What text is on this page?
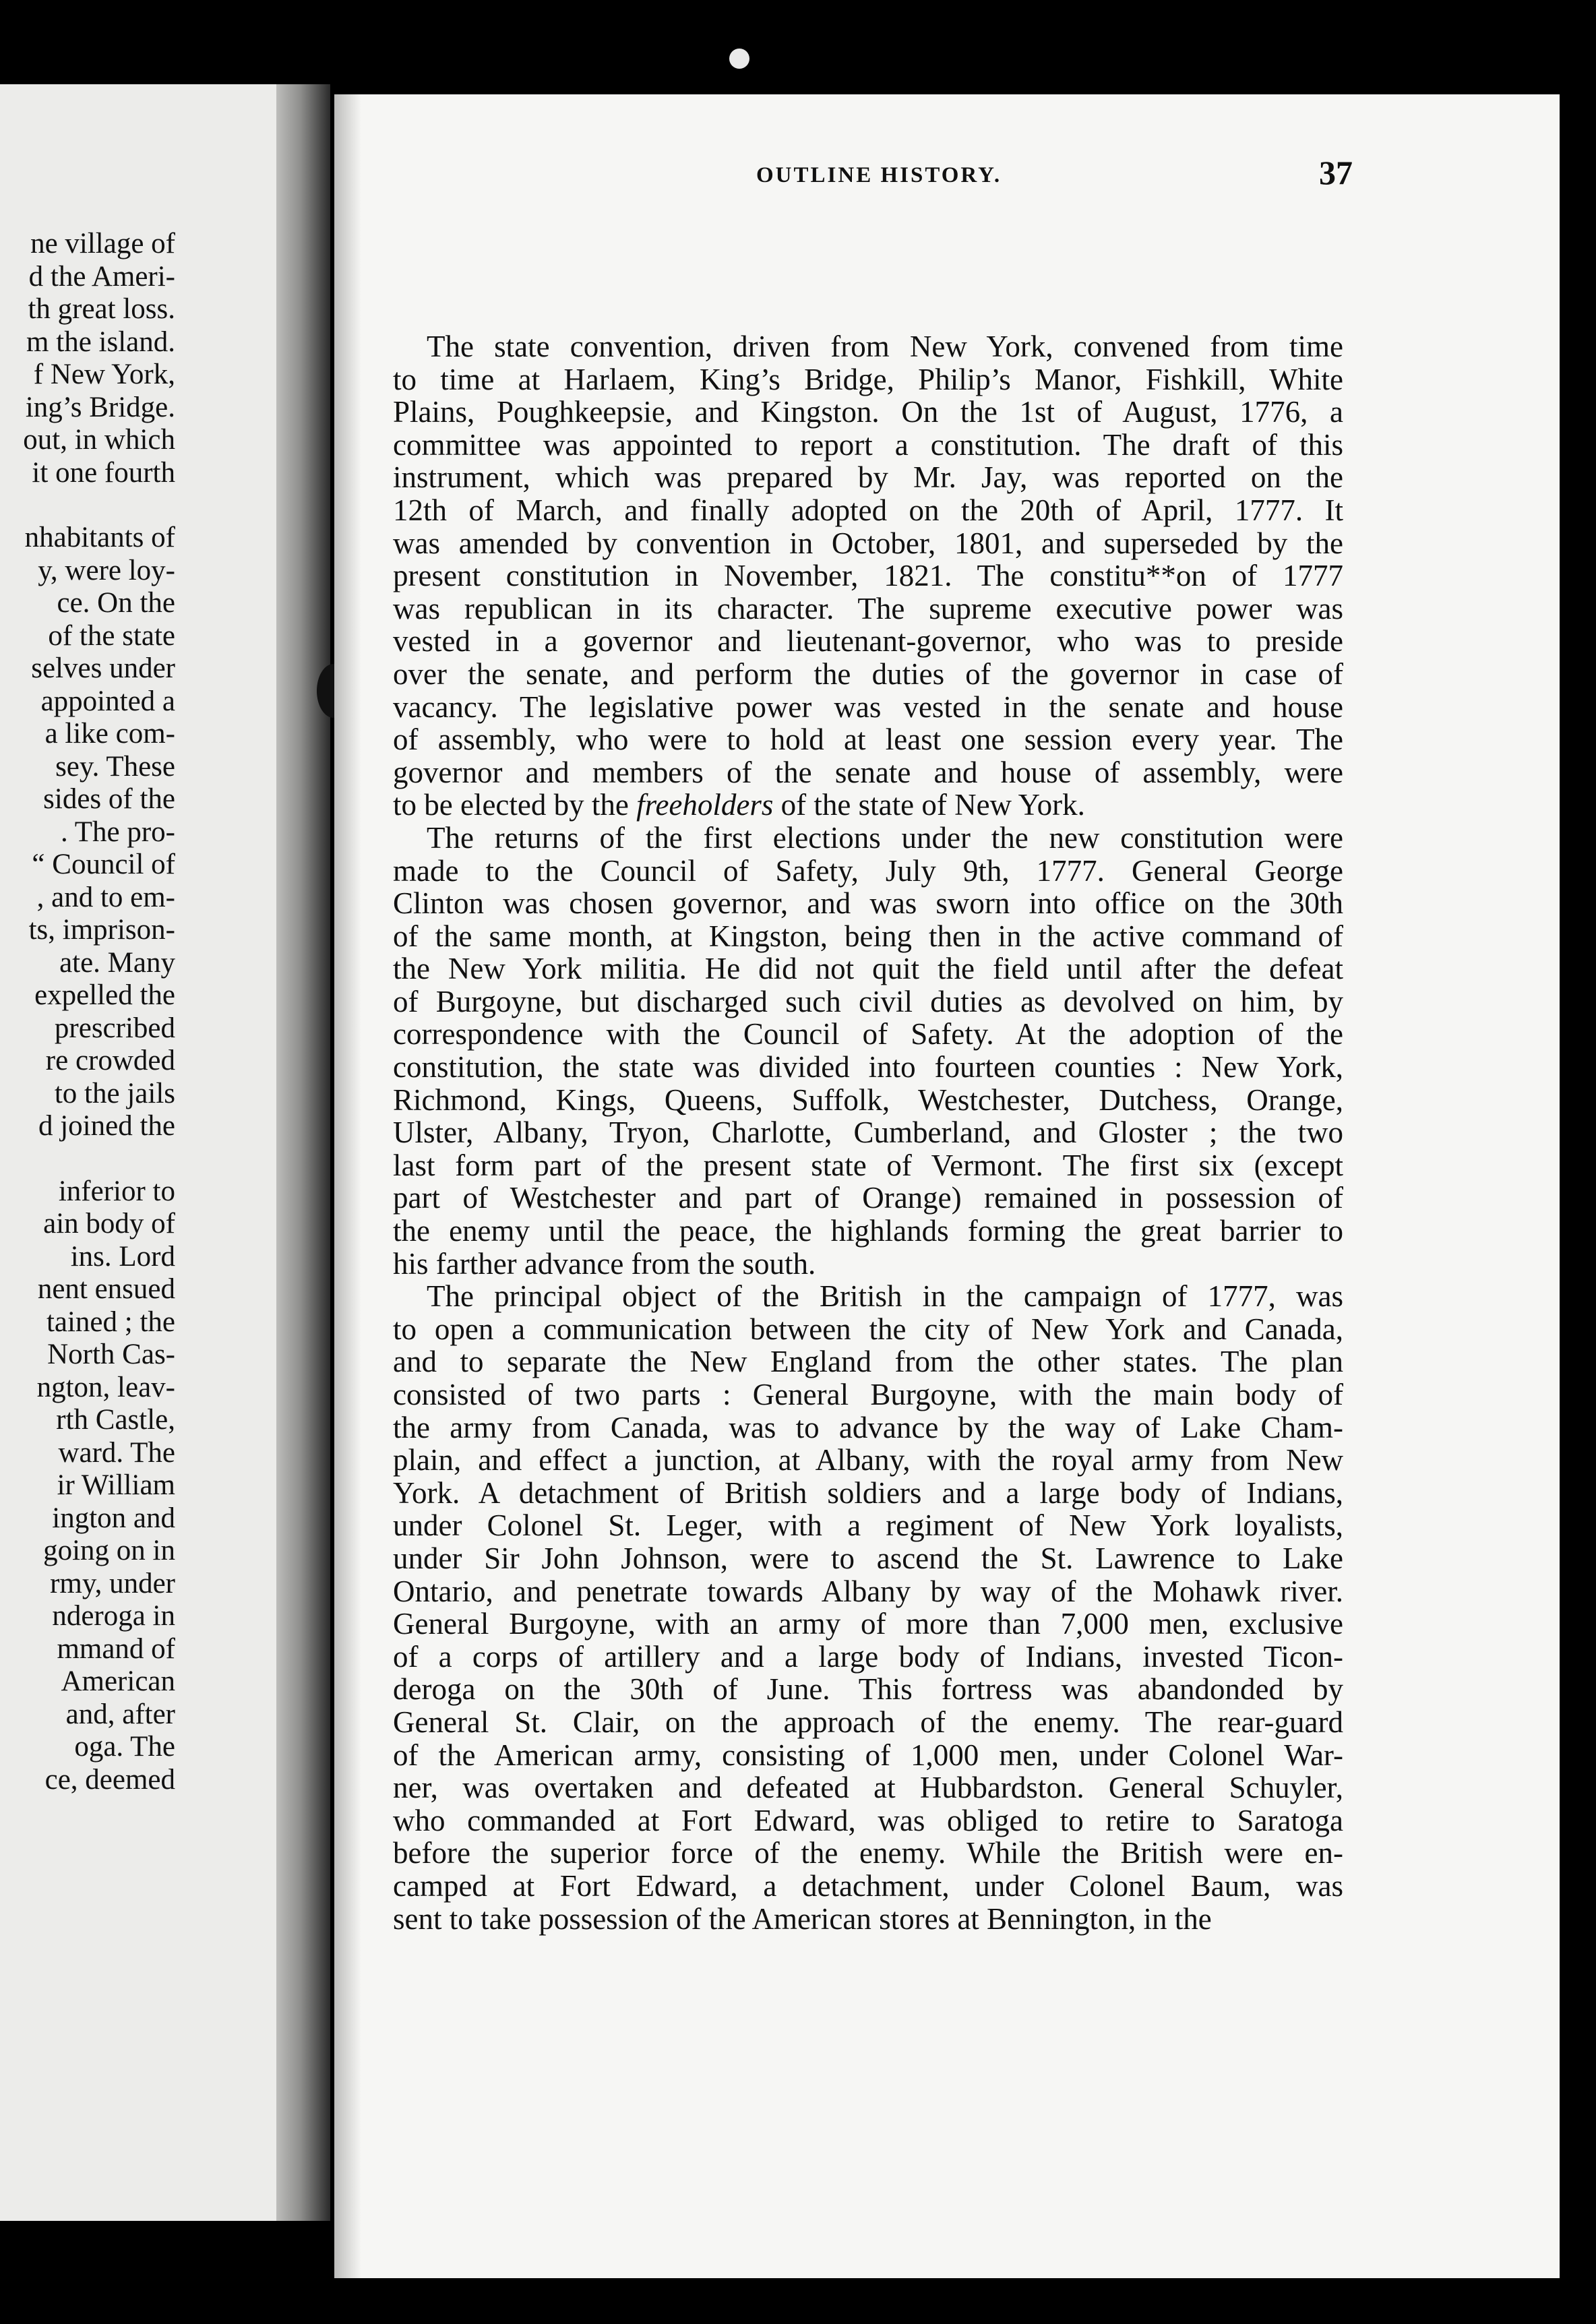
ne village of
d the Ameri-
th great loss.
m the island.
f New York,
ing’s Bridge.
out, in which
it one fourth
nhabitants of
y, were loy-
ce. On the
of the state
selves under
appointed a
a like com-
sey. These
sides of the
. The pro-
“ Council of
, and to em-
ts, imprison-
ate. Many
expelled the
prescribed
re crowded
to the jails
d joined the
inferior to
ain body of
ins. Lord
nent ensued
tained ; the
North Cas-
ngton, leav-
rth Castle,
ward. The
ir William
ington and
going on in
rmy, under
nderoga in
mmand of
American
and, after
oga. The
ce, deemed
OUTLINE HISTORY.	37

The state convention, driven from New York, convened from time

to time at Harlaem, King’s Bridge, Philip’s Manor, Fishkill, White

Plains, Poughkeepsie, and Kingston. On the 1st of August, 1776, a

committee was appointed to report a constitution. The draft of this

instrument, which was prepared by Mr. Jay, was reported on the

12th of March, and finally adopted on the 20th of April, 1777. It

was amended by convention in October, 1801, and superseded by the

present constitution in November, 1821. The constitu**on of 1777

was republican in its character. The supreme executive power was

vested in a governor and lieutenant-governor, who was to preside

over the senate, and perform the duties of the governor in case of

vacancy. The legislative power was vested in the senate and house

of assembly, who were to hold at least one session every year. The

governor and members of the senate and house of assembly, were

to be elected by the freeholders of the state of New York.

The returns of the first elections under the new constitution were

made to the Council of Safety, July 9th, 1777. General George

Clinton was chosen governor, and was sworn into office on the 30th

of the same month, at Kingston, being then in the active command of

the New York militia. He did not quit the field until after the defeat

of Burgoyne, but discharged such civil duties as devolved on him, by

correspondence with the Council of Safety. At the adoption of the

constitution, the state was divided into fourteen counties : New York,

Richmond, Kings, Queens, Suffolk, Westchester, Dutchess, Orange,

Ulster, Albany, Tryon, Charlotte, Cumberland, and Gloster ; the two

last form part of the present state of Vermont. The first six (except

part of Westchester and part of Orange) remained in possession of

the enemy until the peace, the highlands forming the great barrier to

his farther advance from the south.

The principal object of the British in the campaign of 1777, was

to open a communication between the city of New York and Canada,

and to separate the New England from the other states. The plan

consisted of two parts : General Burgoyne, with the main body of

the army from Canada, was to advance by the way of Lake Cham-

plain, and effect a junction, at Albany, with the royal army from New

York. A detachment of British soldiers and a large body of Indians,

under Colonel St. Leger, with a regiment of New York loyalists,

under Sir John Johnson, were to ascend the St. Lawrence to Lake

Ontario, and penetrate towards Albany by way of the Mohawk river.

General Burgoyne, with an army of more than 7,000 men, exclusive

of a corps of artillery and a large body of Indians, invested Ticon-

deroga on the 30th of June. This fortress was abandonded by

General St. Clair, on the approach of the enemy. The rear-guard

of the American army, consisting of 1,000 men, under Colonel War-

ner, was overtaken and defeated at Hubbardston. General Schuyler,

who commanded at Fort Edward, was obliged to retire to Saratoga

before the superior force of the enemy. While the British were en-

camped at Fort Edward, a detachment, under Colonel Baum, was

sent to take possession of the American stores at Bennington, in the
